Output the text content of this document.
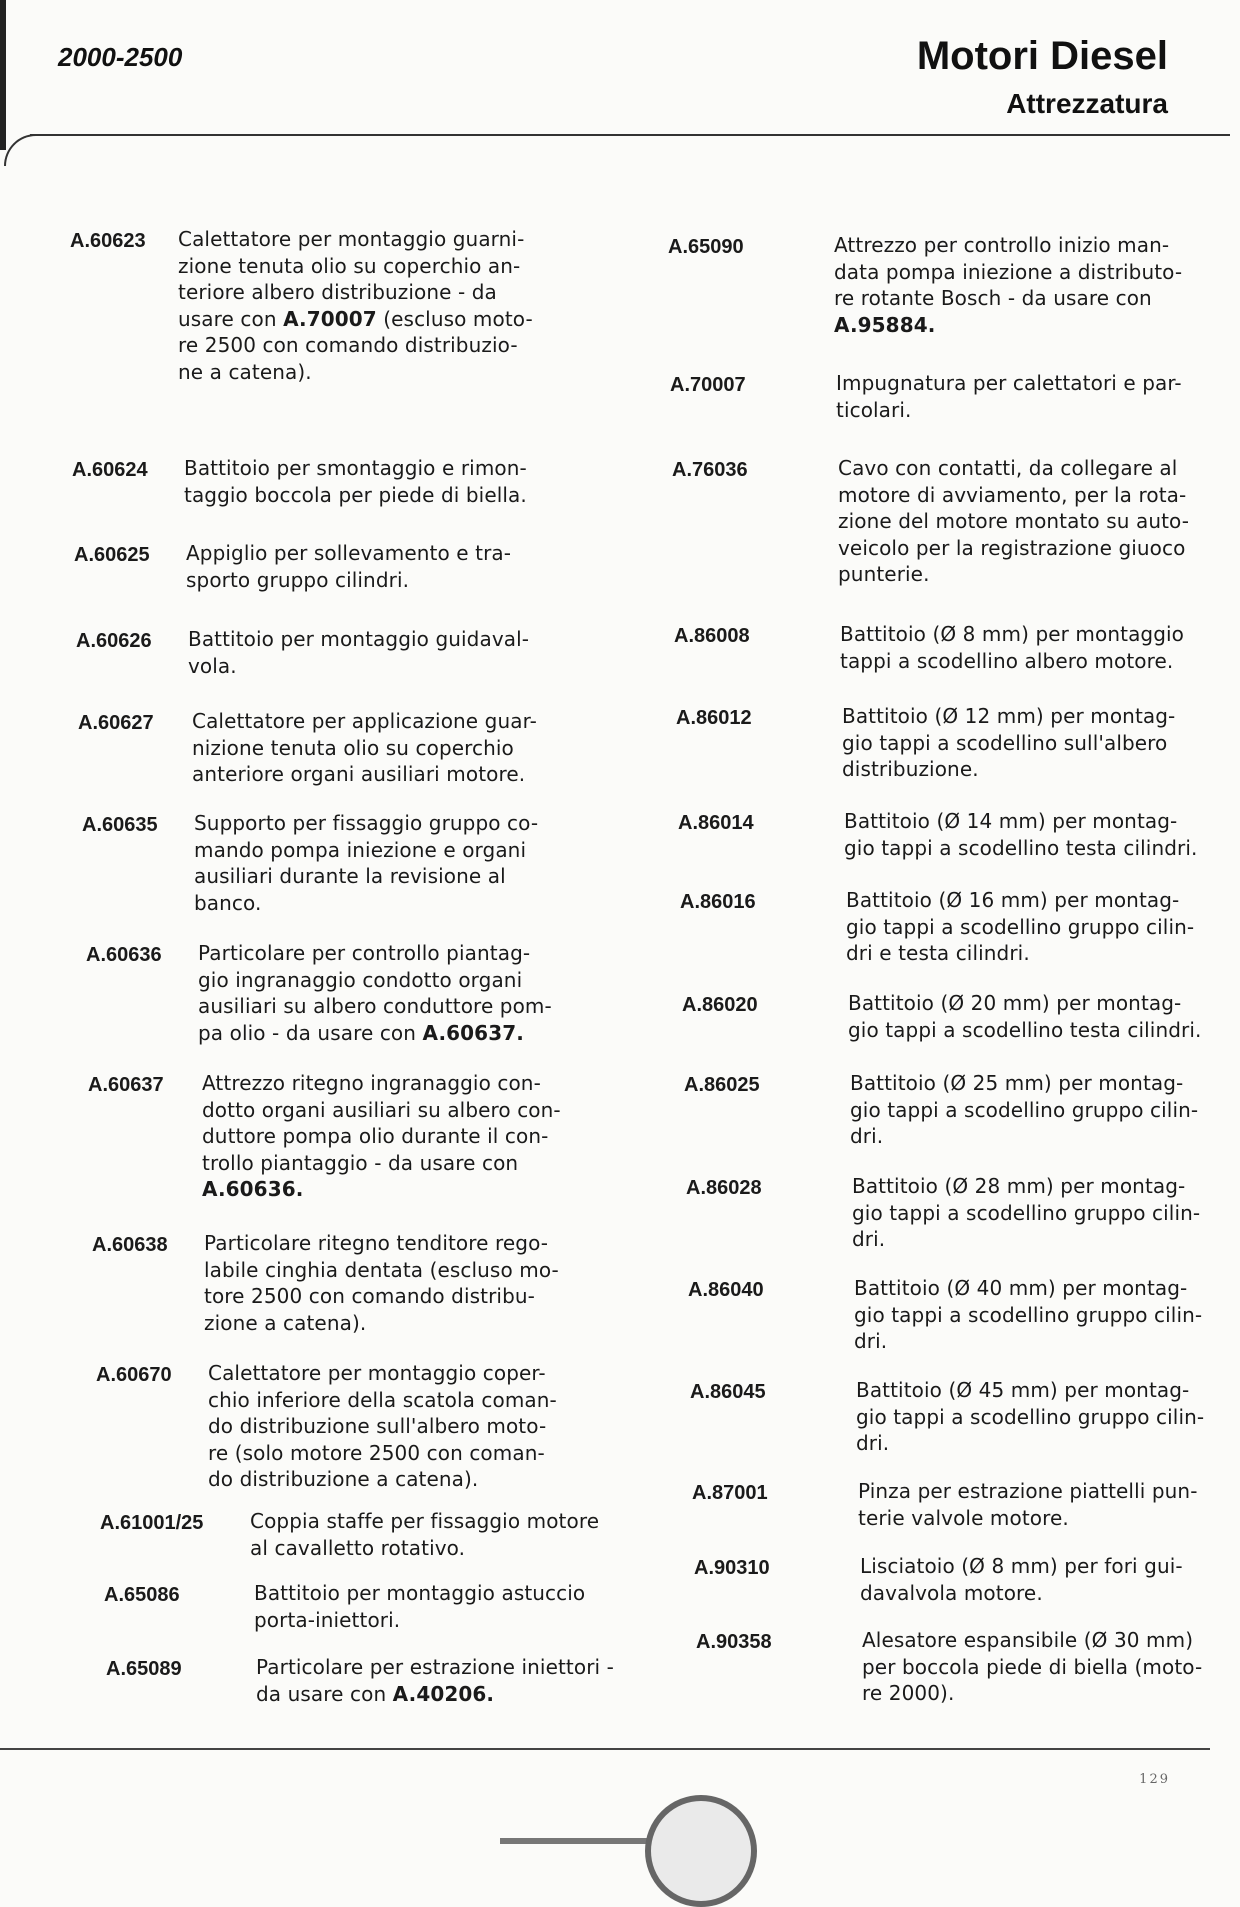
2000-2500	Motori Diesel
Attrezzatura
A.60623 Calettatore per montaggio guarni-
zione tenuta olio su coperchio an-
teriore albero distribuzione - da
usare con A.70007 (escluso moto-
re 2500 con comando distribuzio-
ne a catena).
A.60624 Battitoio per smontaggio e rimon-
taggio boccola per piede di biella.
A.60625 Appiglio per sollevamento e tra-
sporto gruppo cilindri.
A.60626 Battitoio per montaggio guidaval-
vola.
A.60627 Calettatore per applicazione guar-
nizione tenuta olio su coperchio
anteriore organi ausiliari motore.
A.60635 Supporto per fissaggio gruppo co-
mando pompa iniezione e organi
ausiliari durante la revisione al
banco.
A.60636 Particolare per controllo piantag-
gio ingranaggio condotto organi
ausiliari su albero conduttore pom-
pa olio - da usare con A.60637.
A.60637 Attrezzo ritegno ingranaggio con-
dotto organi ausiliari su albero con-
duttore pompa olio durante il con-
trollo piantaggio - da usare con
A.60636.
A.60638 Particolare ritegno tenditore rego-
labile cinghia dentata (escluso mo-
tore 2500 con comando distribu-
zione a catena).
A.60670 Calettatore per montaggio coper-
chio inferiore della scatola coman-
do distribuzione sull'albero moto-
re (solo motore 2500 con coman-
do distribuzione a catena).
A.61001/25 Coppia staffe per fissaggio motore
al cavalletto rotativo.
A.65086	Battitoio per montaggio astuccio
porta-iniettori.
A.65089	Particolare per estrazione iniettori -
da usare con A.40206.
A.65090	Attrezzo per controllo inizio man-
data pompa iniezione a distributo-
re rotante Bosch - da usare con
A.95884.
A.70007	Impugnatura per calettatori e par-
ticolari.
A.76036	Cavo con contatti, da collegare al
motore di avviamento, per la rota-
zione del motore montato su auto-
veicolo per la registrazione giuoco
punterie.
A.86008	Battitoio (Ø 8 mm) per montaggio
tappi a scodellino albero motore.
A.86012	Battitoio (Ø 12 mm) per montag-
gio tappi a scodellino sull'albero
distribuzione.
A.86014	Battitoio (Ø 14 mm) per montag-
gio tappi a scodellino testa cilindri.
A.86016	Battitoio (Ø 16 mm) per montag-
gio tappi a scodellino gruppo cilin-
dri e testa cilindri.
A.86020	Battitoio (Ø 20 mm) per montag-
gio tappi a scodellino testa cilindri.
A.86025	Battitoio (Ø 25 mm) per montag-
gio tappi a scodellino gruppo cilin-
dri.
A.86028	Battitoio (Ø 28 mm) per montag-
gio tappi a scodellino gruppo cilin-
dri.
A.86040	Battitoio (Ø 40 mm) per montag-
gio tappi a scodellino gruppo cilin-
dri.
A.86045	Battitoio (Ø 45 mm) per montag-
gio tappi a scodellino gruppo cilin-
dri.
A.87001	Pinza per estrazione piattelli pun-
terie valvole motore.
A.90310	Lisciatoio (Ø 8 mm) per fori gui-
davalvola motore.
A.90358	Alesatore espansibile (Ø 30 mm)
per boccola piede di biella (moto-
re 2000).
129
